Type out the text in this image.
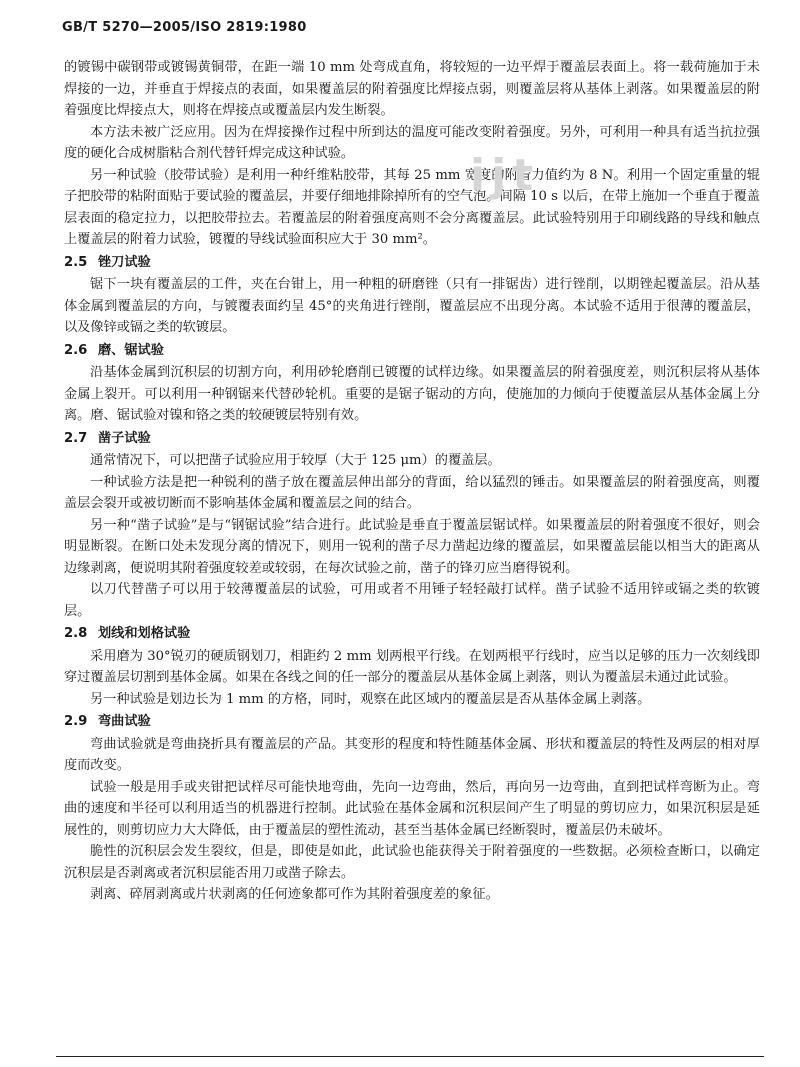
ijt
GB/T 5270—2005/ISO 2819:1980

的镀锡中碳钢带或镀锡黄铜带，在距一端 10 mm 处弯成直角，将较短的一边平焊于覆盖层表面上。将一载荷施加于未焊接的一边，并垂直于焊接点的表面，如果覆盖层的附着强度比焊接点弱，则覆盖层将从基体上剥落。如果覆盖层的附着强度比焊接点大，则将在焊接点或覆盖层内发生断裂。

本方法未被广泛应用。因为在焊接操作过程中所到达的温度可能改变附着强度。另外，可利用一种具有适当抗拉强度的硬化合成树脂粘合剂代替钎焊完成这种试验。

另一种试验（胶带试验）是利用一种纤维粘胶带，其每 25 mm 宽度的附着力值约为 8 N。利用一个固定重量的辊子把胶带的粘附面贴于要试验的覆盖层，并要仔细地排除掉所有的空气泡。间隔 10 s 以后，在带上施加一个垂直于覆盖层表面的稳定拉力，以把胶带拉去。若覆盖层的附着强度高则不会分离覆盖层。此试验特别用于印刷线路的导线和触点上覆盖层的附着力试验，镀覆的导线试验面积应大于 30 mm²。

2.5 锉刀试验

锯下一块有覆盖层的工件，夹在台钳上，用一种粗的研磨锉（只有一排锯齿）进行锉削，以期锉起覆盖层。沿从基体金属到覆盖层的方向，与镀覆表面约呈 45°的夹角进行锉削，覆盖层应不出现分离。本试验不适用于很薄的覆盖层，以及像锌或镉之类的软镀层。

2.6 磨、锯试验

沿基体金属到沉积层的切割方向，利用砂轮磨削已镀覆的试样边缘。如果覆盖层的附着强度差，则沉积层将从基体金属上裂开。可以利用一种钢锯来代替砂轮机。重要的是锯子锯动的方向，使施加的力倾向于使覆盖层从基体金属上分离。磨、锯试验对镍和铬之类的较硬镀层特别有效。

2.7 凿子试验

通常情况下，可以把凿子试验应用于较厚（大于 125 μm）的覆盖层。

一种试验方法是把一种锐利的凿子放在覆盖层伸出部分的背面，给以猛烈的锤击。如果覆盖层的附着强度高，则覆盖层会裂开或被切断而不影响基体金属和覆盖层之间的结合。

另一种“凿子试验”是与“钢锯试验”结合进行。此试验是垂直于覆盖层锯试样。如果覆盖层的附着强度不很好，则会明显断裂。在断口处未发现分离的情况下，则用一锐利的凿子尽力凿起边缘的覆盖层，如果覆盖层能以相当大的距离从边缘剥离，便说明其附着强度较差或较弱，在每次试验之前，凿子的锋刃应当磨得锐利。

以刀代替凿子可以用于较薄覆盖层的试验，可用或者不用锤子轻轻敲打试样。凿子试验不适用锌或镉之类的软镀层。

2.8 划线和划格试验

采用磨为 30°锐刃的硬质钢划刀，相距约 2 mm 划两根平行线。在划两根平行线时，应当以足够的压力一次刻线即穿过覆盖层切割到基体金属。如果在各线之间的任一部分的覆盖层从基体金属上剥落，则认为覆盖层未通过此试验。

另一种试验是划边长为 1 mm 的方格，同时，观察在此区域内的覆盖层是否从基体金属上剥落。

2.9 弯曲试验

弯曲试验就是弯曲挠折具有覆盖层的产品。其变形的程度和特性随基体金属、形状和覆盖层的特性及两层的相对厚度而改变。

试验一般是用手或夹钳把试样尽可能快地弯曲，先向一边弯曲，然后，再向另一边弯曲，直到把试样弯断为止。弯曲的速度和半径可以利用适当的机器进行控制。此试验在基体金属和沉积层间产生了明显的剪切应力，如果沉积层是延展性的，则剪切应力大大降低，由于覆盖层的塑性流动，甚至当基体金属已经断裂时，覆盖层仍未破坏。

脆性的沉积层会发生裂纹，但是，即使是如此，此试验也能获得关于附着强度的一些数据。必须检查断口，以确定沉积层是否剥离或者沉积层能否用刀或凿子除去。

剥离、碎屑剥离或片状剥离的任何迹象都可作为其附着强度差的象征。
